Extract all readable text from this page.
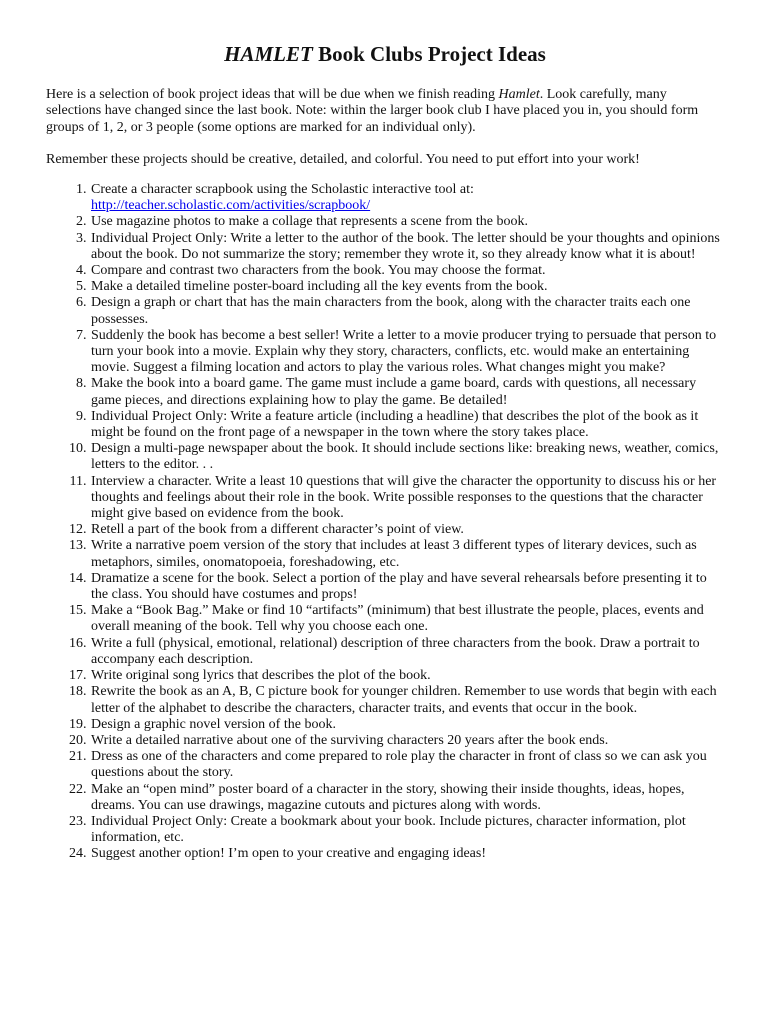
HAMLET Book Clubs Project Ideas

Here is a selection of book project ideas that will be due when we finish reading Hamlet. Look carefully, many selections have changed since the last book. Note: within the larger book club I have placed you in, you should form groups of 1, 2, or 3 people (some options are marked for an individual only).

Remember these projects should be creative, detailed, and colorful. You need to put effort into your work!

1. Create a character scrapbook using the Scholastic interactive tool at:
http://teacher.scholastic.com/activities/scrapbook/
2. Use magazine photos to make a collage that represents a scene from the book.
3. Individual Project Only: Write a letter to the author of the book. The letter should be your thoughts and opinions about the book. Do not summarize the story; remember they wrote it, so they already know what it is about!
4. Compare and contrast two characters from the book. You may choose the format.
5. Make a detailed timeline poster-board including all the key events from the book.
6. Design a graph or chart that has the main characters from the book, along with the character traits each one possesses.
7. Suddenly the book has become a best seller! Write a letter to a movie producer trying to persuade that person to turn your book into a movie. Explain why they story, characters, conflicts, etc. would make an entertaining movie. Suggest a filming location and actors to play the various roles. What changes might you make?
8. Make the book into a board game. The game must include a game board, cards with questions, all necessary game pieces, and directions explaining how to play the game. Be detailed!
9. Individual Project Only: Write a feature article (including a headline) that describes the plot of the book as it might be found on the front page of a newspaper in the town where the story takes place.
10. Design a multi-page newspaper about the book. It should include sections like: breaking news, weather, comics, letters to the editor. . .
11. Interview a character. Write a least 10 questions that will give the character the opportunity to discuss his or her thoughts and feelings about their role in the book. Write possible responses to the questions that the character might give based on evidence from the book.
12. Retell a part of the book from a different character’s point of view.
13. Write a narrative poem version of the story that includes at least 3 different types of literary devices, such as metaphors, similes, onomatopoeia, foreshadowing, etc.
14. Dramatize a scene for the book. Select a portion of the play and have several rehearsals before presenting it to the class. You should have costumes and props!
15. Make a “Book Bag.” Make or find 10 “artifacts” (minimum) that best illustrate the people, places, events and overall meaning of the book. Tell why you choose each one.
16. Write a full (physical, emotional, relational) description of three characters from the book. Draw a portrait to accompany each description.
17. Write original song lyrics that describes the plot of the book.
18. Rewrite the book as an A, B, C picture book for younger children. Remember to use words that begin with each letter of the alphabet to describe the characters, character traits, and events that occur in the book.
19. Design a graphic novel version of the book.
20. Write a detailed narrative about one of the surviving characters 20 years after the book ends.
21. Dress as one of the characters and come prepared to role play the character in front of class so we can ask you questions about the story.
22. Make an “open mind” poster board of a character in the story, showing their inside thoughts, ideas, hopes, dreams. You can use drawings, magazine cutouts and pictures along with words.
23. Individual Project Only: Create a bookmark about your book. Include pictures, character information, plot information, etc.
24. Suggest another option! I’m open to your creative and engaging ideas!
